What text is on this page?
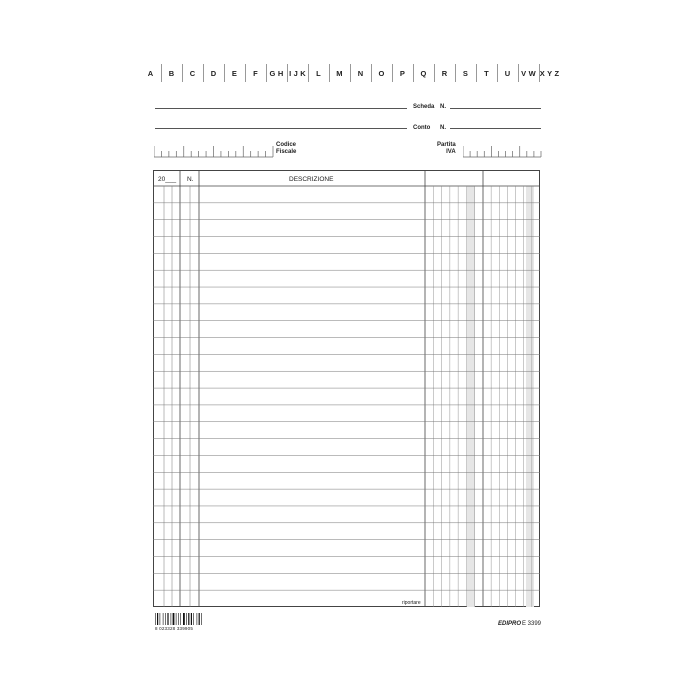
A	B	C	D	E	F	G H I J K	L	M	N	O	P	Q	R	S	T	U	V W X Y Z
Scheda N.
Conto N.
Codice
Fiscale
Partita
IVA
20___ N.	DESCRIZIONE
riportare
8 023328 339905
EDIPRO E 3399
